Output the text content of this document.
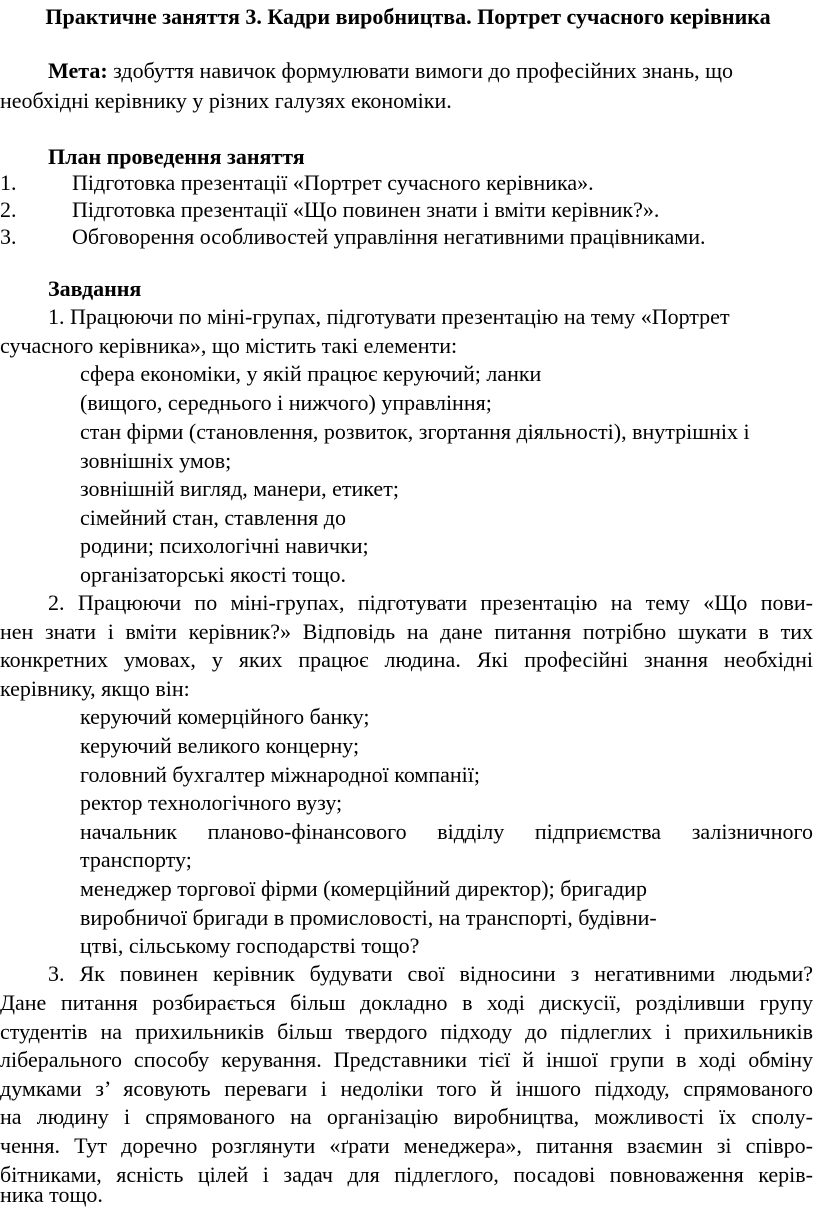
Практичне заняття 3. Кадри виробництва. Портрет сучасного керівника
Мета: здобуття навичок формулювати вимоги до професійних знань, що
необхідні керівнику у різних галузях економіки.
План проведення заняття
1.	Підготовка презентації «Портрет сучасного керівника».
2.	Підготовка презентації «Що повинен знати і вміти керівник?».
3.	Обговорення особливостей управління негативними працівниками.
Завдання
1. Працюючи по міні-групах, підготувати презентацію на тему «Портрет
сучасного керівника», що містить такі елементи:
сфера економіки, у якій працює керуючий; ланки
(вищого, середнього і нижчого) управління;
стан фірми (становлення, розвиток, згортання діяльності), внутрішніх і
зовнішніх умов;
зовнішній вигляд, манери, етикет;
сімейний стан, ставлення до
родини; психологічні навички;
організаторські якості тощо.
2. Працюючи по міні-групах, підготувати презентацію на тему «Що пови-
нен знати і вміти керівник?» Відповідь на дане питання потрібно шукати в тих
конкретних умовах, у яких працює людина. Які професійні знання необхідні
керівнику, якщо він:
керуючий комерційного банку;
керуючий великого концерну;
головний бухгалтер міжнародної компанії;
ректор технологічного вузу;
начальник планово-фінансового відділу підприємства залізничного
транспорту;
менеджер торгової фірми (комерційний директор); бригадир
виробничої бригади в промисловості, на транспорті, будівни-
цтві, сільському господарстві тощо?
3. Як повинен керівник будувати свої відносини з негативними людьми?
Дане питання розбирається більш докладно в ході дискусії, розділивши групу
студентів на прихильників більш твердого підходу до підлеглих і прихильників
ліберального способу керування. Представники тієї й іншої групи в ході обміну
думками з’ ясовують переваги і недоліки того й іншого підходу, спрямованого
на людину і спрямованого на організацію виробництва, можливості їх сполу-
чення. Тут доречно розглянути «ґрати менеджера», питання взаємин зі співро-
бітниками, ясність цілей і задач для підлеглого, посадові повноваження керів-
ника тощо.
